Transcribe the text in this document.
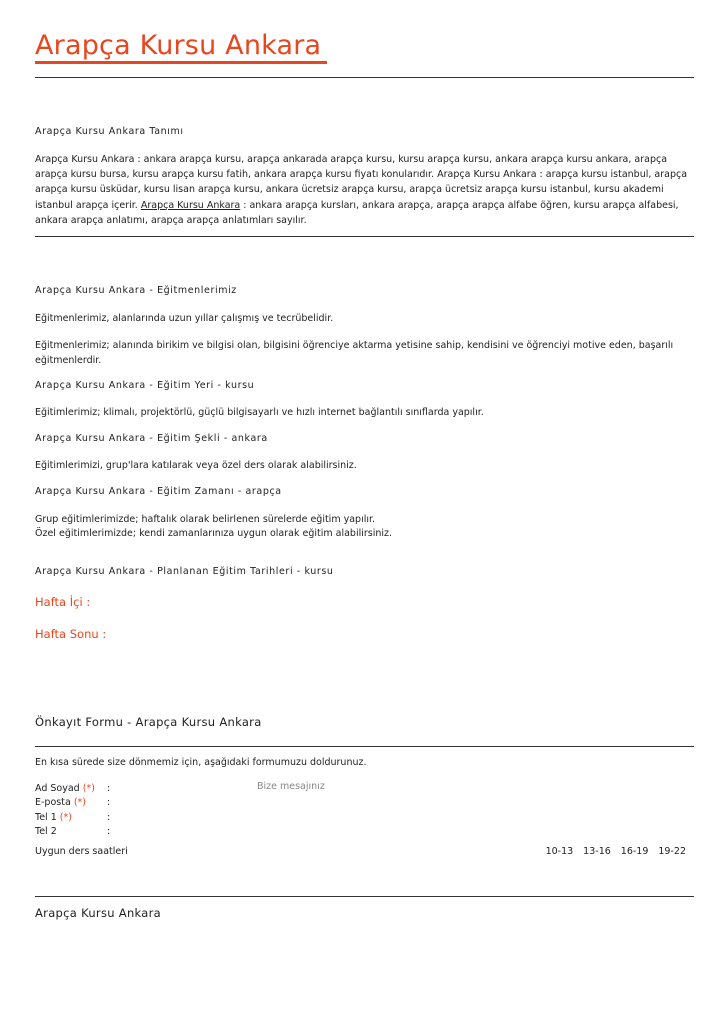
Arapça Kursu Ankara
Arapça Kursu Ankara Tanımı
Arapça Kursu Ankara : ankara arapça kursu, arapça ankarada arapça kursu, kursu arapça kursu, ankara arapça kursu ankara, arapça arapça kursu bursa, kursu arapça kursu fatih, ankara arapça kursu fiyatı konularıdır. Arapça Kursu Ankara : arapça kursu istanbul, arapça arapça kursu üsküdar, kursu lisan arapça kursu, ankara ücretsiz arapça kursu, arapça ücretsiz arapça kursu istanbul, kursu akademi istanbul arapça içerir. Arapça Kursu Ankara : ankara arapça kursları, ankara arapça, arapça arapça alfabe öğren, kursu arapça alfabesi, ankara arapça anlatımı, arapça arapça anlatımları sayılır.
Arapça Kursu Ankara - Eğitmenlerimiz
Eğitmenlerimiz, alanlarında uzun yıllar çalışmış ve tecrübelidir.
Eğitmenlerimiz; alanında birikim ve bilgisi olan, bilgisini öğrenciye aktarma yetisine sahip, kendisini ve öğrenciyi motive eden, başarılı eğitmenlerdir.
Arapça Kursu Ankara - Eğitim Yeri - kursu
Eğitimlerimiz; klimalı, projektörlü, güçlü bilgisayarlı ve hızlı internet bağlantılı sınıflarda yapılır.
Arapça Kursu Ankara - Eğitim Şekli - ankara
Eğitimlerimizi, grup'lara katılarak veya özel ders olarak alabilirsiniz.
Arapça Kursu Ankara - Eğitim Zamanı - arapça
Grup eğitimlerimizde; haftalık olarak belirlenen sürelerde eğitim yapılır.
Özel eğitimlerimizde; kendi zamanlarınıza uygun olarak eğitim alabilirsiniz.
Arapça Kursu Ankara - Planlanan Eğitim Tarihleri - kursu
Hafta İçi :
Hafta Sonu :
Önkayıt Formu - Arapça Kursu Ankara
En kısa sürede size dönmemiz için, aşağıdaki formumuzu doldurunuz.
Ad Soyad (*) :
E-posta (*) :
Tel 1 (*)	:
Tel 2	:
Bize mesajınız
Uygun ders saatleri	10-13 13-16 16-19 19-22
Arapça Kursu Ankara
